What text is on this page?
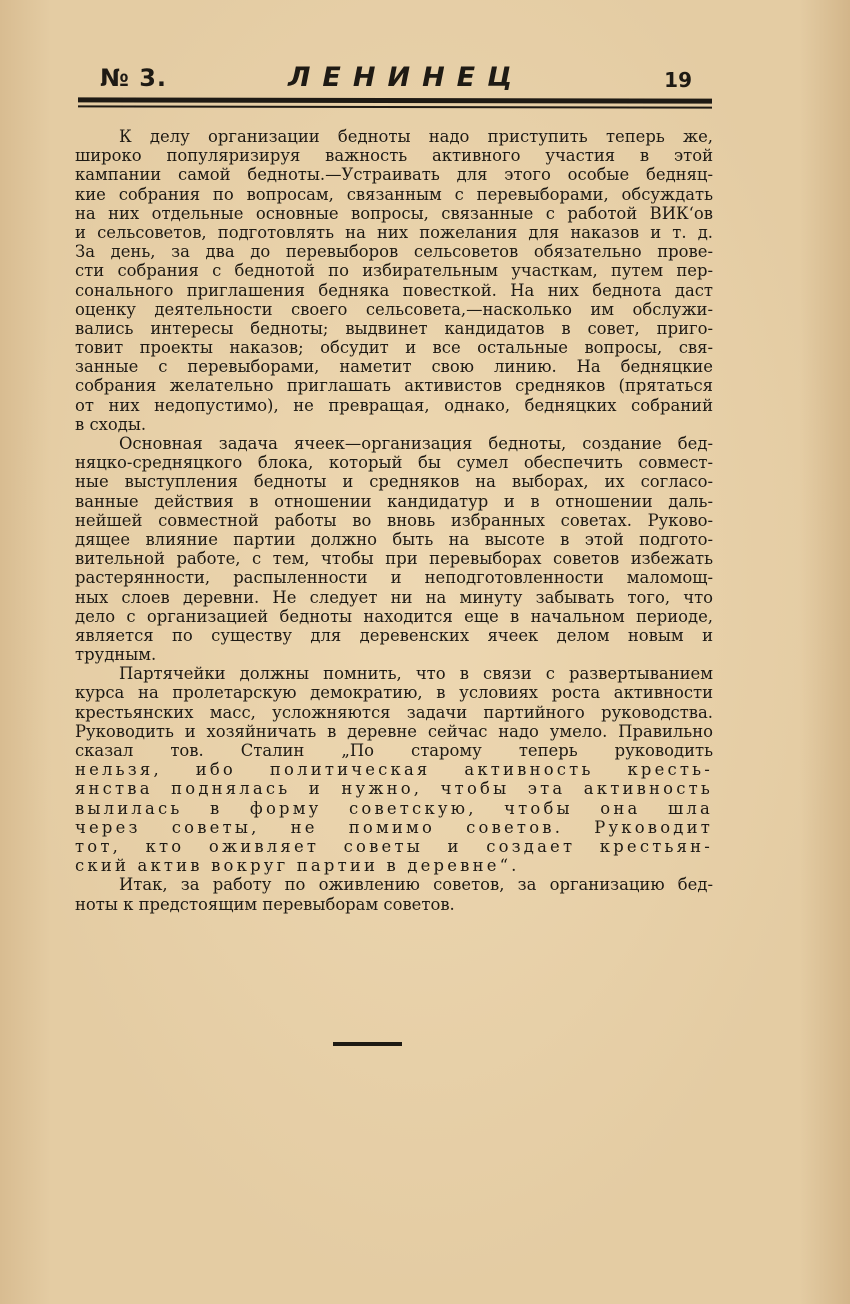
№ 3.	ЛЕНИНЕЦ	19
К делу организации бедноты надо приступить теперь же,
широко популяризируя важность активного участия в этой
кампании самой бедноты.—Устраивать для этого особые бедняц-
кие собрания по вопросам, связанным с перевыборами, обсуждать
на них отдельные основные вопросы, связанные с работой ВИК‘ов
и сельсоветов, подготовлять на них пожелания для наказов и т. д.
За день, за два до перевыборов сельсоветов обязательно прове-
сти собрания с беднотой по избирательным участкам, путем пер-
сонального приглашения бедняка повесткой. На них беднота даст
оценку деятельности своего сельсовета,—насколько им обслужи-
вались интересы бедноты; выдвинет кандидатов в совет, приго-
товит проекты наказов; обсудит и все остальные вопросы, свя-
занные с перевыборами, наметит свою линию. На бедняцкие
собрания желательно приглашать активистов средняков (прятаться
от них недопустимо), не превращая, однако, бедняцких собраний
в сходы.
Основная задача ячеек—организация бедноты, создание бед-
няцко-средняцкого блока, который бы сумел обеспечить совмест-
ные выступления бедноты и средняков на выборах, их согласо-
ванные действия в отношении кандидатур и в отношении даль-
нейшей совместной работы во вновь избранных советах. Руково-
дящее влияние партии должно быть на высоте в этой подгото-
вительной работе, с тем, чтобы при перевыборах советов избежать
растерянности, распыленности и неподготовленности маломощ-
ных слоев деревни. Не следует ни на минуту забывать того, что
дело с организацией бедноты находится еще в начальном периоде,
является по существу для деревенских ячеек делом новым и
трудным.
Партячейки должны помнить, что в связи с развертыванием
курса на пролетарскую демократию, в условиях роста активности
крестьянских масс, усложняются задачи партийного руководства.
Руководить и хозяйничать в деревне сейчас надо умело. Правильно
сказал тов. Сталин „По старому теперь руководить
нельзя, ибо политическая активность кресть-
янства поднялась и нужно, чтобы эта активность
вылилась в форму советскую, чтобы она шла
через советы, не помимо советов. Руководит
тот, кто оживляет советы и создает крестьян-
ский актив вокруг партии в деревне“.
Итак, за работу по оживлению советов, за организацию бед-
ноты к предстоящим перевыборам советов.
